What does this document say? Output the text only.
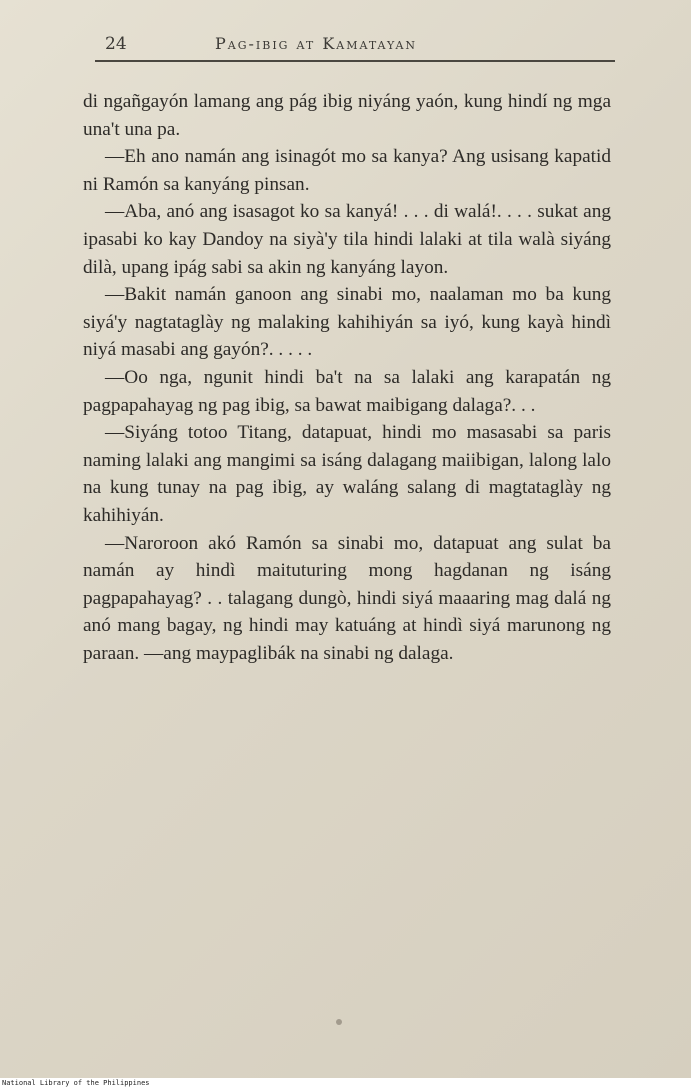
24	Pag-ibig at Kamatayan

di ngañgayón lamang ang pág ibig niyáng yaón, kung hindí ng mga una't una pa.

—Eh ano namán ang isinagót mo sa kanya? Ang usisang kapatid ni Ramón sa kanyáng pinsan.

—Aba, anó ang isasagot ko sa kanyá! . . . di walá!. . . . sukat ang ipasabi ko kay Dandoy na siyà'y tila hindi lalaki at tila walà siyáng dilà, upang ipág sabi sa akin ng kanyáng layon.

—Bakit namán ganoon ang sinabi mo, naalaman mo ba kung siyá'y nagtataglày ng malaking kahihiyán sa iyó, kung kayà hindì niyá masabi ang gayón?. . . . .

—Oo nga, ngunit hindi ba't na sa lalaki ang karapatán ng pagpapahayag ng pag ibig, sa bawat maibigang dalaga?. . .

—Siyáng totoo Titang, datapuat, hindi mo masasabi sa paris naming lalaki ang mangimi sa isáng dalagang maiibigan, lalong lalo na kung tunay na pag ibig, ay waláng salang di magtataglày ng kahihiyán.

—Naroroon akó Ramón sa sinabi mo, datapuat ang sulat ba namán ay hindì maituturing mong hagdanan ng isáng pagpapahayag? . . talagang dungò, hindi siyá maaaring mag dalá ng anó mang bagay, ng hindi may katuáng at hindì siyá marunong ng paraan. —ang maypaglibák na sinabi ng dalaga.

National Library of the Philippines
